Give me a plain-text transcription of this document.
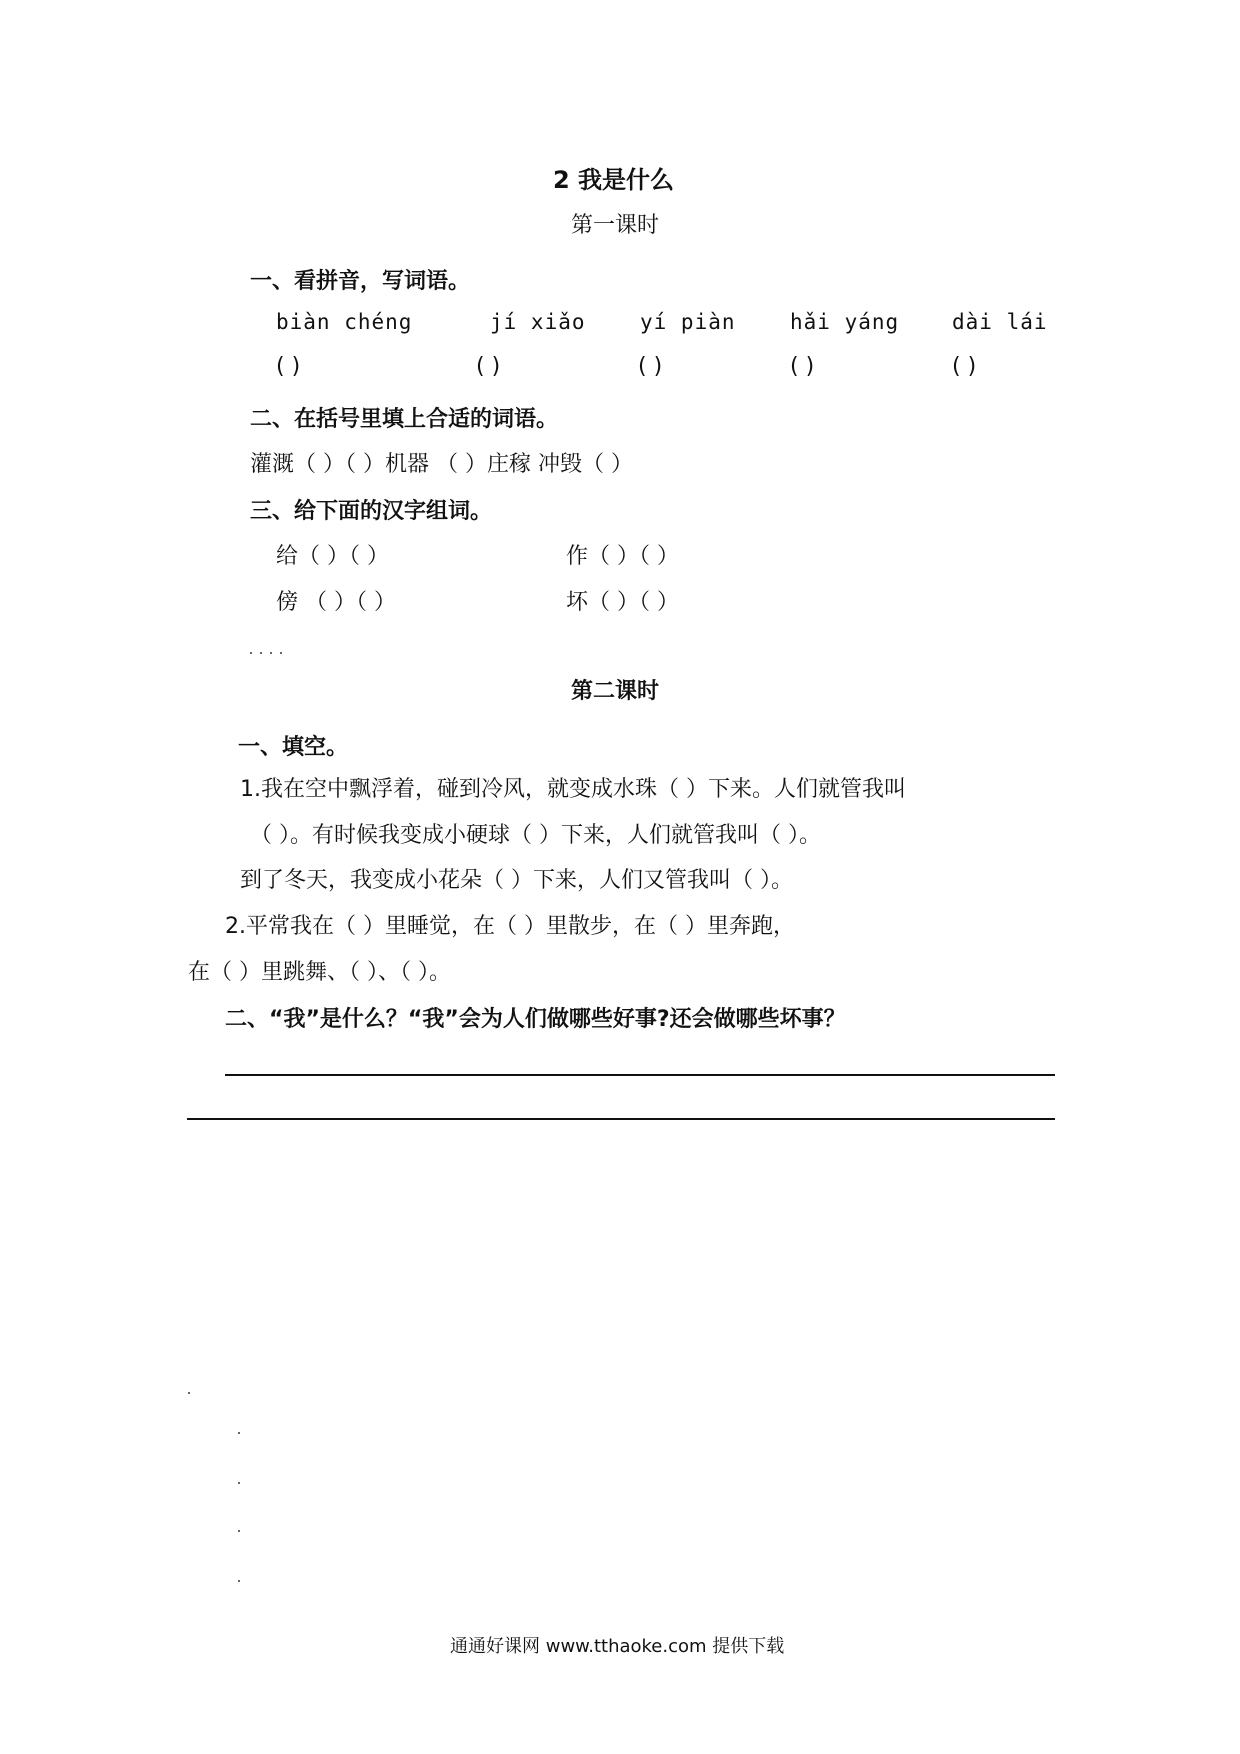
2 我是什么
第一课时
一、看拼音，写词语。
biàn chéng	jí xiǎo	yí piàn	hǎi yáng	dài lái
( )	( )	( )	( )	( )
二、在括号里填上合适的词语。
灌溉（ ）（ ）机器 （ ）庄稼 冲毁（ ）
三、给下面的汉字组词。
给（ ）（ ）	作（ ）（ ）
傍 （ ）（ ）	坏（ ）（ ）
第二课时
一、填空。
1.我在空中飘浮着，碰到冷风，就变成水珠（ ）下来。人们就管我叫
（ ）。有时候我变成小硬球（ ）下来，人们就管我叫（ ）。
到了冬天，我变成小花朵（ ）下来，人们又管我叫（ ）。
2.平常我在（ ）里睡觉，在（ ）里散步，在（ ）里奔跑，
在（ ）里跳舞、（ ）、（ ）。
二、“我”是什么？“我”会为人们做哪些好事?还会做哪些坏事？
通通好课网 www.tthaoke.com 提供下载
